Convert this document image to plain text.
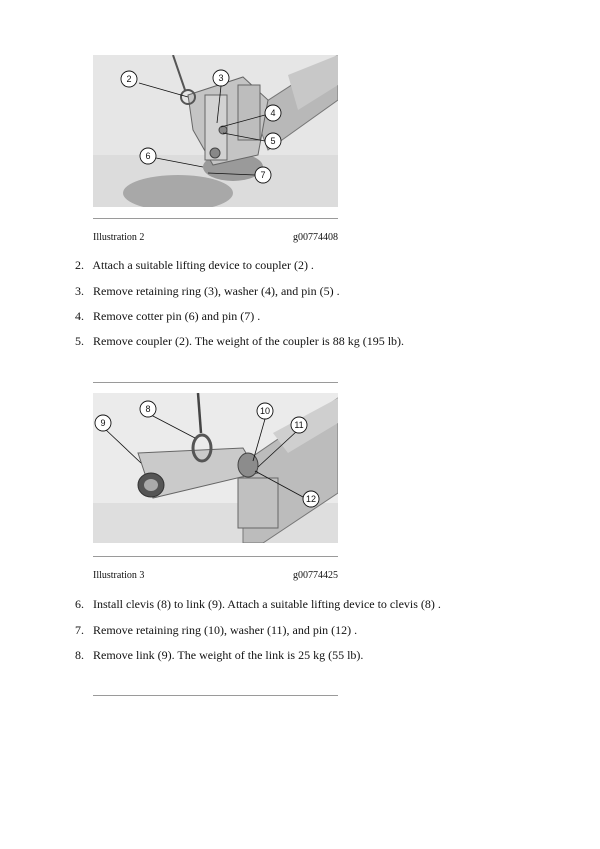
2	3
4
5
6
7
Illustration 2	g00774408
2. Attach a suitable lifting device to coupler (2) .
3. Remove retaining ring (3), washer (4), and pin (5) .
4. Remove cotter pin (6) and pin (7) .
5. Remove coupler (2). The weight of the coupler is 88 kg (195 lb).
8
9
10
11
12
Illustration 3	g00774425
6. Install clevis (8) to link (9). Attach a suitable lifting device to clevis (8) .
7. Remove retaining ring (10), washer (11), and pin (12) .
8. Remove link (9). The weight of the link is 25 kg (55 lb).
